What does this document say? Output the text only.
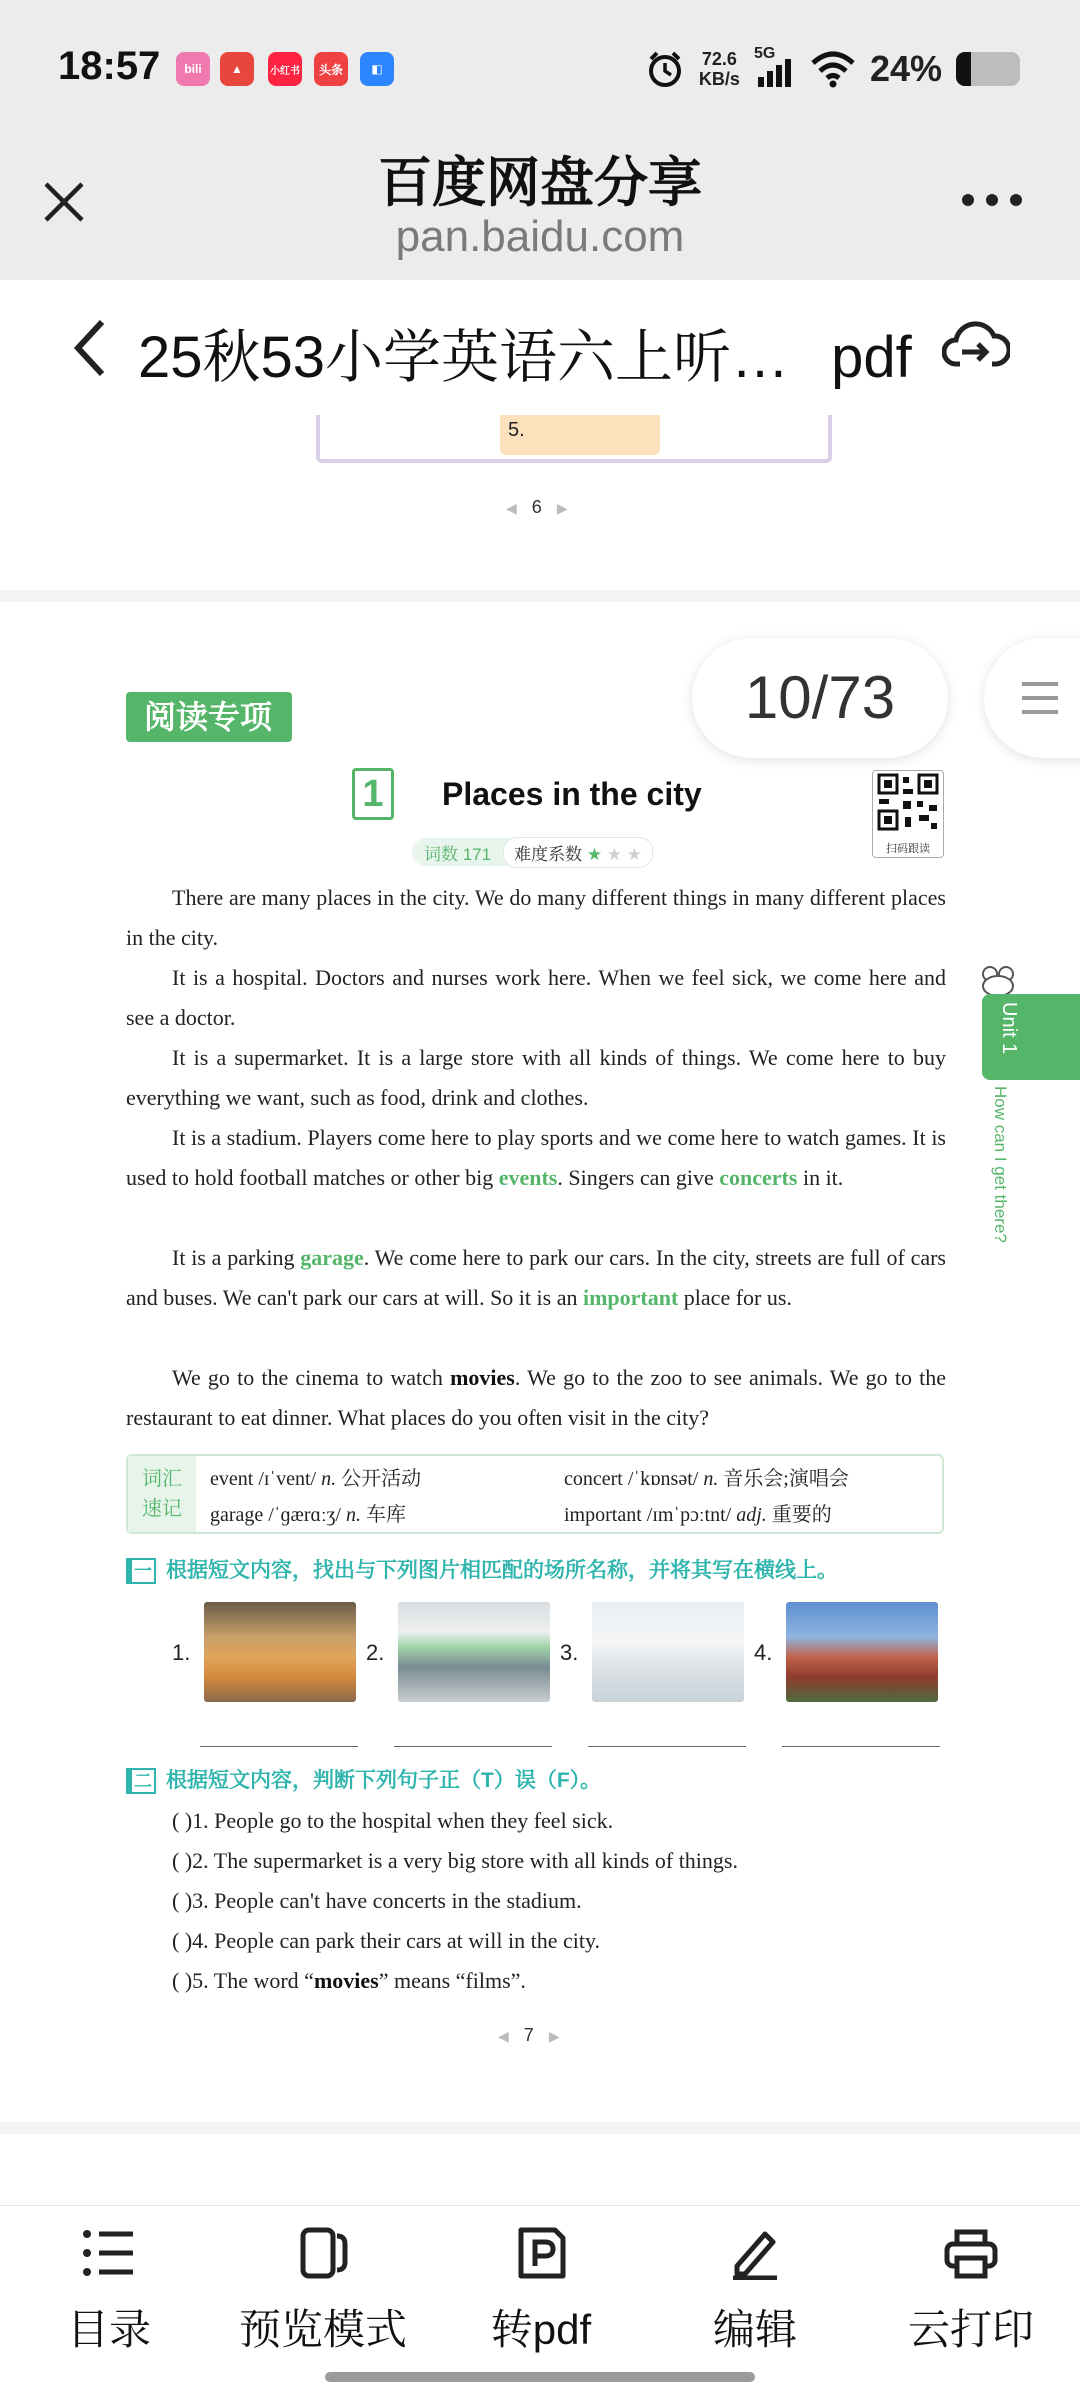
18:57	bili	▲	小红书	头条	◧	72.6
KB/s
5G	24%
百度网盘分享
pan.baidu.com
25秋53小学英语六上听… pdf
5.
◀ 6 ▶
阅读专项
1	Places in the city
词数 171	难度系数 ★ ★ ★	扫码跟读
10/73
Unit 1
How can I get there?
There are many places in the city. We do many different things in many different places in the city.
It is a hospital. Doctors and nurses work here. When we feel sick, we come here and see a doctor.
It is a supermarket. It is a large store with all kinds of things. We come here to buy everything we want, such as food, drink and clothes.
It is a stadium. Players come here to play sports and we come here to watch games. It is used to hold football matches or other big events. Singers can give concerts in it.
It is a parking garage. We come here to park our cars. In the city, streets are full of cars and buses. We can't park our cars at will. So it is an important place for us.
We go to the cinema to watch movies. We go to the zoo to see animals. We go to the restaurant to eat dinner. What places do you often visit in the city?
词汇
速记
event /ɪˈvent/ n. 公开活动	concert /ˈkɒnsət/ n. 音乐会;演唱会
garage /ˈɡærɑːʒ/ n. 车库	important /ɪmˈpɔːtnt/ adj. 重要的
一 根据短文内容，找出与下列图片相匹配的场所名称，并将其写在横线上。
1.	2.	3.	4.
二 根据短文内容，判断下列句子正（T）误（F）。
( )1. People go to the hospital when they feel sick.
( )2. The supermarket is a very big store with all kinds of things.
( )3. People can't have concerts in the stadium.
( )4. People can park their cars at will in the city.
( )5. The word “movies” means “films”.
◀ 7 ▶
目录	预览模式	转pdf	编辑	云打印
